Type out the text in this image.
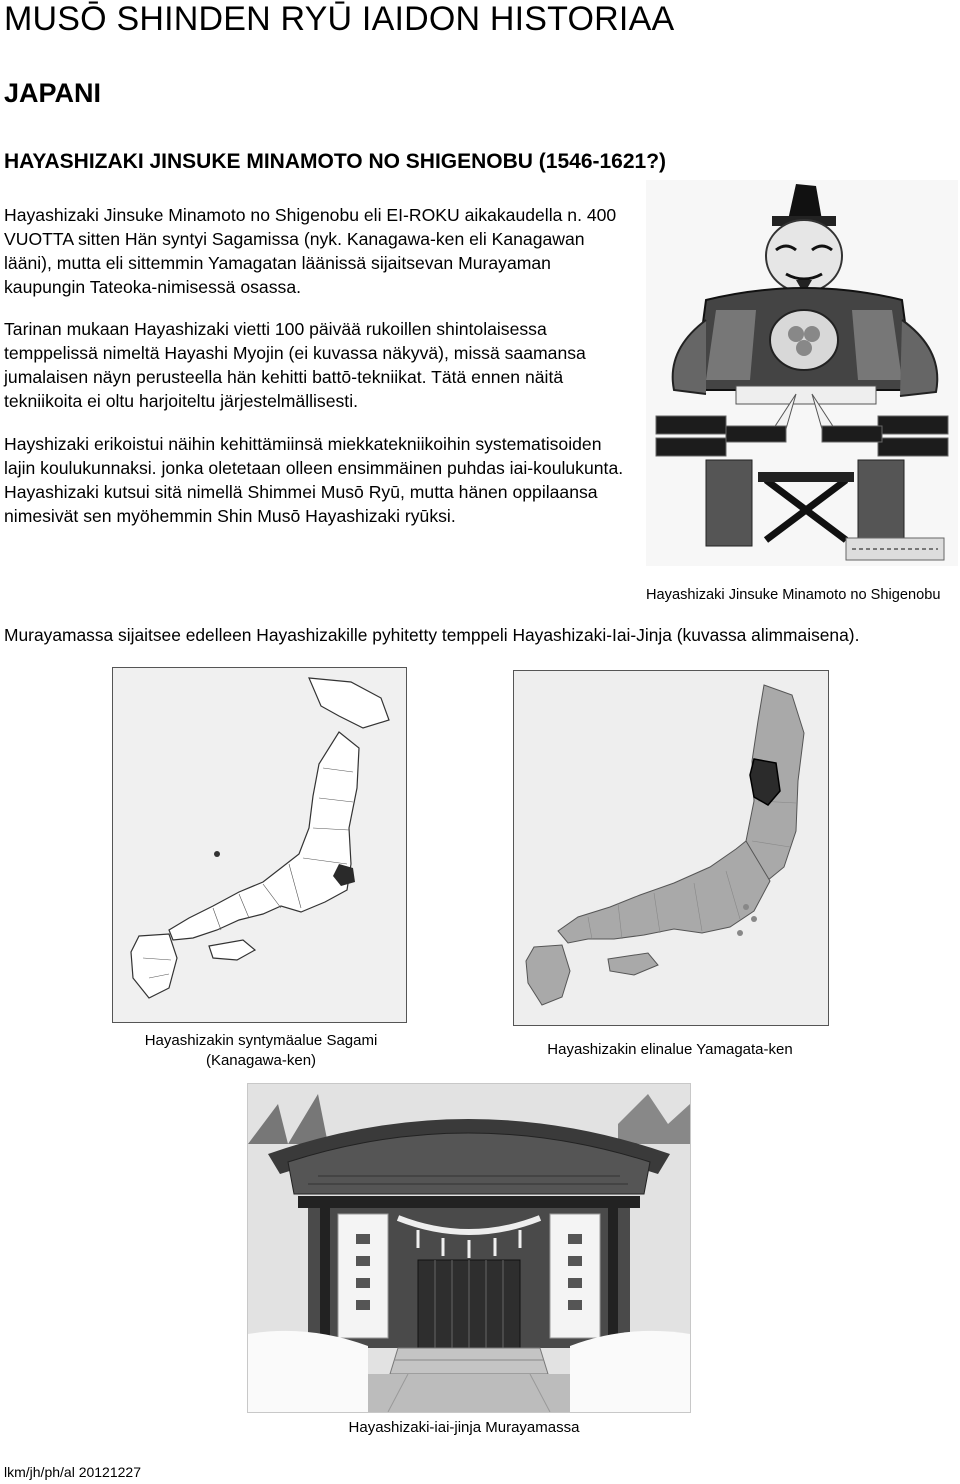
MUSŌ SHINDEN RYŪ IAIDON HISTORIAA
JAPANI
HAYASHIZAKI JINSUKE MINAMOTO NO SHIGENOBU (1546-1621?)

Hayashizaki Jinsuke Minamoto no Shigenobu eli EI-ROKU aikakaudella n. 400 VUOTTA sitten Hän syntyi Sagamissa (nyk. Kanagawa-ken eli Kanagawan lääni), mutta eli sittemmin Yamagatan läänissä sijaitsevan Murayaman kaupungin Tateoka-nimisessä osassa.

Tarinan mukaan Hayashizaki vietti 100 päivää rukoillen shintolaisessa temppelissä nimeltä Hayashi Myojin (ei kuvassa näkyvä), missä saamansa jumalaisen näyn perusteella hän kehitti battō-tekniikat. Tätä ennen näitä tekniikoita ei oltu harjoiteltu järjestelmällisesti.

Hayshizaki erikoistui näihin kehittämiinsä miekkatekniikoihin systematisoiden lajin koulukunnaksi. jonka oletetaan olleen ensimmäinen puhdas iai-koulukunta. Hayashizaki kutsui sitä nimellä Shimmei Musō Ryū, mutta hänen oppilaansa nimesivät sen myöhemmin Shin Musō Hayashizaki ryūksi.

Murayamassa sijaitsee edelleen Hayashizakille pyhitetty temppeli Hayashizaki-Iai-Jinja (kuvassa alimmaisena).

Hayashizaki Jinsuke Minamoto no Shigenobu
Hayashizakin syntymäalue Sagami (Kanagawa-ken)
Hayashizakin elinalue Yamagata-ken
Hayashizaki-iai-jinja Murayamassa
lkm/jh/ph/al 20121227
